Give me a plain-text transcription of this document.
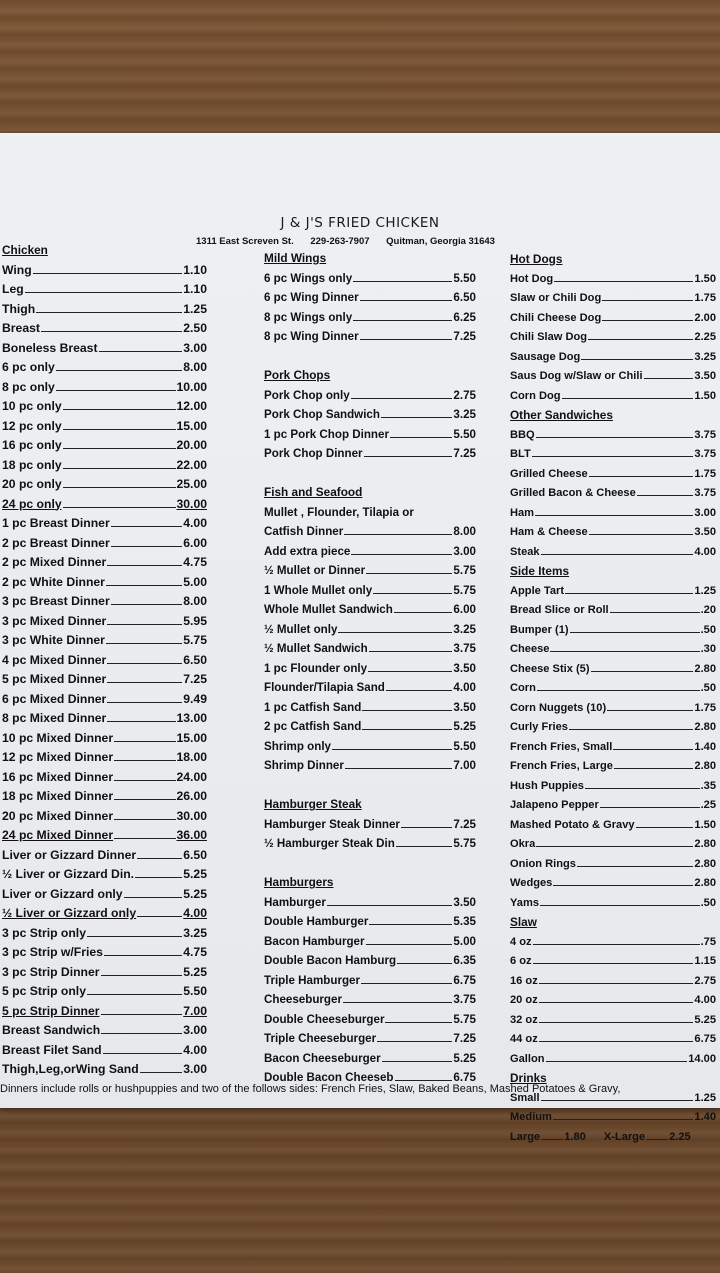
J & J'S FRIED CHICKEN
1311 East Screven St. 229-263-7907 Quitman, Georgia 31643
Chicken
Wing	1.10
Leg	1.10
Thigh	1.25
Breast	2.50
Boneless Breast	3.00
6 pc only	8.00
8 pc only	10.00
10 pc only	12.00
12 pc only	15.00
16 pc only	20.00
18 pc only	22.00
20 pc only	25.00
24 pc only	30.00
1 pc Breast Dinner	4.00
2 pc Breast Dinner	6.00
2 pc Mixed Dinner	4.75
2 pc White Dinner	5.00
3 pc Breast Dinner	8.00
3 pc Mixed Dinner	5.95
3 pc White Dinner	5.75
4 pc Mixed Dinner	6.50
5 pc Mixed Dinner	7.25
6 pc Mixed Dinner	9.49
8 pc Mixed Dinner	13.00
10 pc Mixed Dinner	15.00
12 pc Mixed Dinner	18.00
16 pc Mixed Dinner	24.00
18 pc Mixed Dinner	26.00
20 pc Mixed Dinner	30.00
24 pc Mixed Dinner	36.00
Liver or Gizzard Dinner	6.50
½ Liver or Gizzard Din.	5.25
Liver or Gizzard only	5.25
½ Liver or Gizzard only	4.00
3 pc Strip only	3.25
3 pc Strip w/Fries	4.75
3 pc Strip Dinner	5.25
5 pc Strip only	5.50
5 pc Strip Dinner	7.00
Breast Sandwich	3.00
Breast Filet Sand	4.00
Thigh,Leg,orWing Sand	3.00
Mild Wings
6 pc Wings only	5.50
6 pc Wing Dinner	6.50
8 pc Wings only	6.25
8 pc Wing Dinner	7.25
Pork Chops
Pork Chop only	2.75
Pork Chop Sandwich	3.25
1 pc Pork Chop Dinner	5.50
Pork Chop Dinner	7.25
Fish and Seafood
Mullet , Flounder, Tilapia or
Catfish Dinner	8.00
Add extra piece	3.00
½ Mullet or Dinner	5.75
1 Whole Mullet only	5.75
Whole Mullet Sandwich	6.00
½ Mullet only	3.25
½ Mullet Sandwich	3.75
1 pc Flounder only	3.50
Flounder/Tilapia Sand	4.00
1 pc Catfish Sand	3.50
2 pc Catfish Sand	5.25
Shrimp only	5.50
Shrimp Dinner	7.00
Hamburger Steak
Hamburger Steak Dinner	7.25
½ Hamburger Steak Din	5.75
Hamburgers
Hamburger	3.50
Double Hamburger	5.35
Bacon Hamburger	5.00
Double Bacon Hamburg	6.35
Triple Hamburger	6.75
Cheeseburger	3.75
Double Cheeseburger	5.75
Triple Cheeseburger	7.25
Bacon Cheeseburger	5.25
Double Bacon Cheeseb	6.75
Hot Dogs
Hot Dog	1.50
Slaw or Chili Dog	1.75
Chili Cheese Dog	2.00
Chili Slaw Dog	2.25
Sausage Dog	3.25
Saus Dog w/Slaw or Chili	3.50
Corn Dog	1.50
Other Sandwiches
BBQ	3.75
BLT	3.75
Grilled Cheese	1.75
Grilled Bacon & Cheese	3.75
Ham	3.00
Ham & Cheese	3.50
Steak	4.00
Side Items
Apple Tart	1.25
Bread Slice or Roll	.20
Bumper (1)	.50
Cheese	.30
Cheese Stix (5)	2.80
Corn	.50
Corn Nuggets (10)	1.75
Curly Fries	2.80
French Fries, Small	1.40
French Fries, Large	2.80
Hush Puppies	.35
Jalapeno Pepper	.25
Mashed Potato & Gravy	1.50
Okra	2.80
Onion Rings	2.80
Wedges	2.80
Yams	.50
Slaw
4 oz	.75
6 oz	1.15
16 oz	2.75
20 oz	4.00
32 oz	5.25
44 oz	6.75
Gallon	14.00
Drinks
Small	1.25
Medium	1.40
Large 1.80 X-Large 2.25
Dinners include rolls or hushpuppies and two of the follows sides: French Fries, Slaw, Baked Beans, Mashed Potatoes & Gravy,
